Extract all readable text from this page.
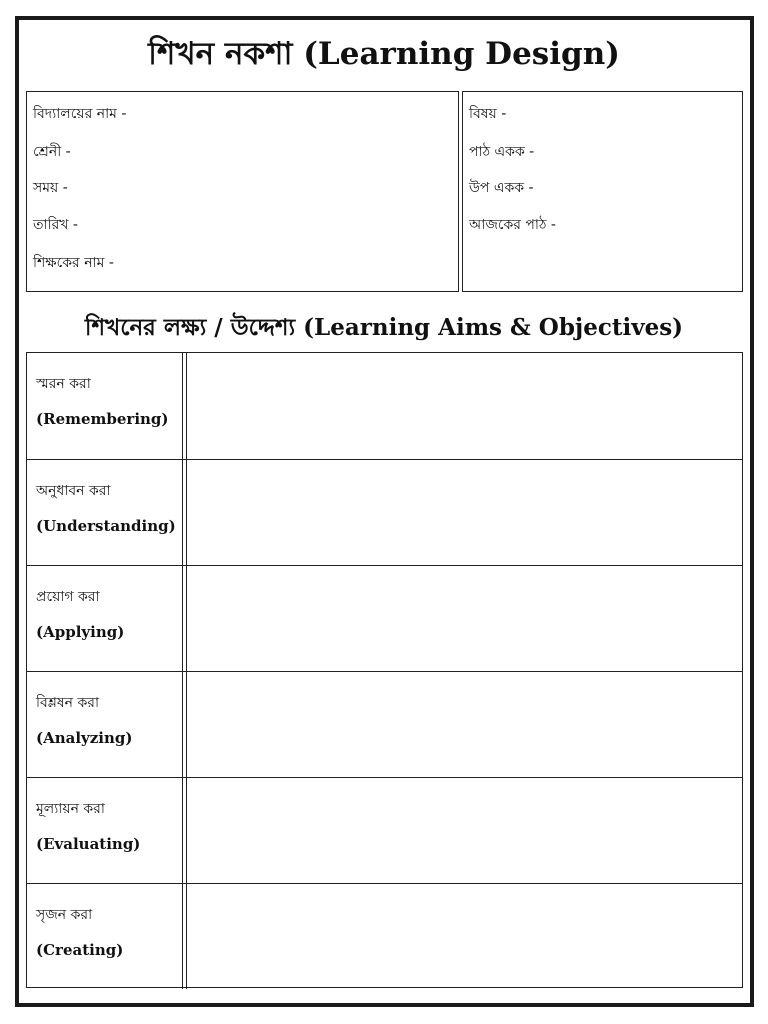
শিখন নকশা (Learning Design)
বিদ্যালয়ের নাম -
শ্রেনী -
সময় -
তারিখ -
শিক্ষকের নাম -
বিষয় -
পাঠ একক -
উপ একক -
আজকের পাঠ -
শিখনের লক্ষ্য / উদ্দেশ্য (Learning Aims & Objectives)
স্মরন করা
(Remembering)
অনুধাবন করা
(Understanding)
প্রয়োগ করা
(Applying)
বিশ্লষন করা
(Analyzing)
মূল্যায়ন করা
(Evaluating)
সৃজন করা
(Creating)
